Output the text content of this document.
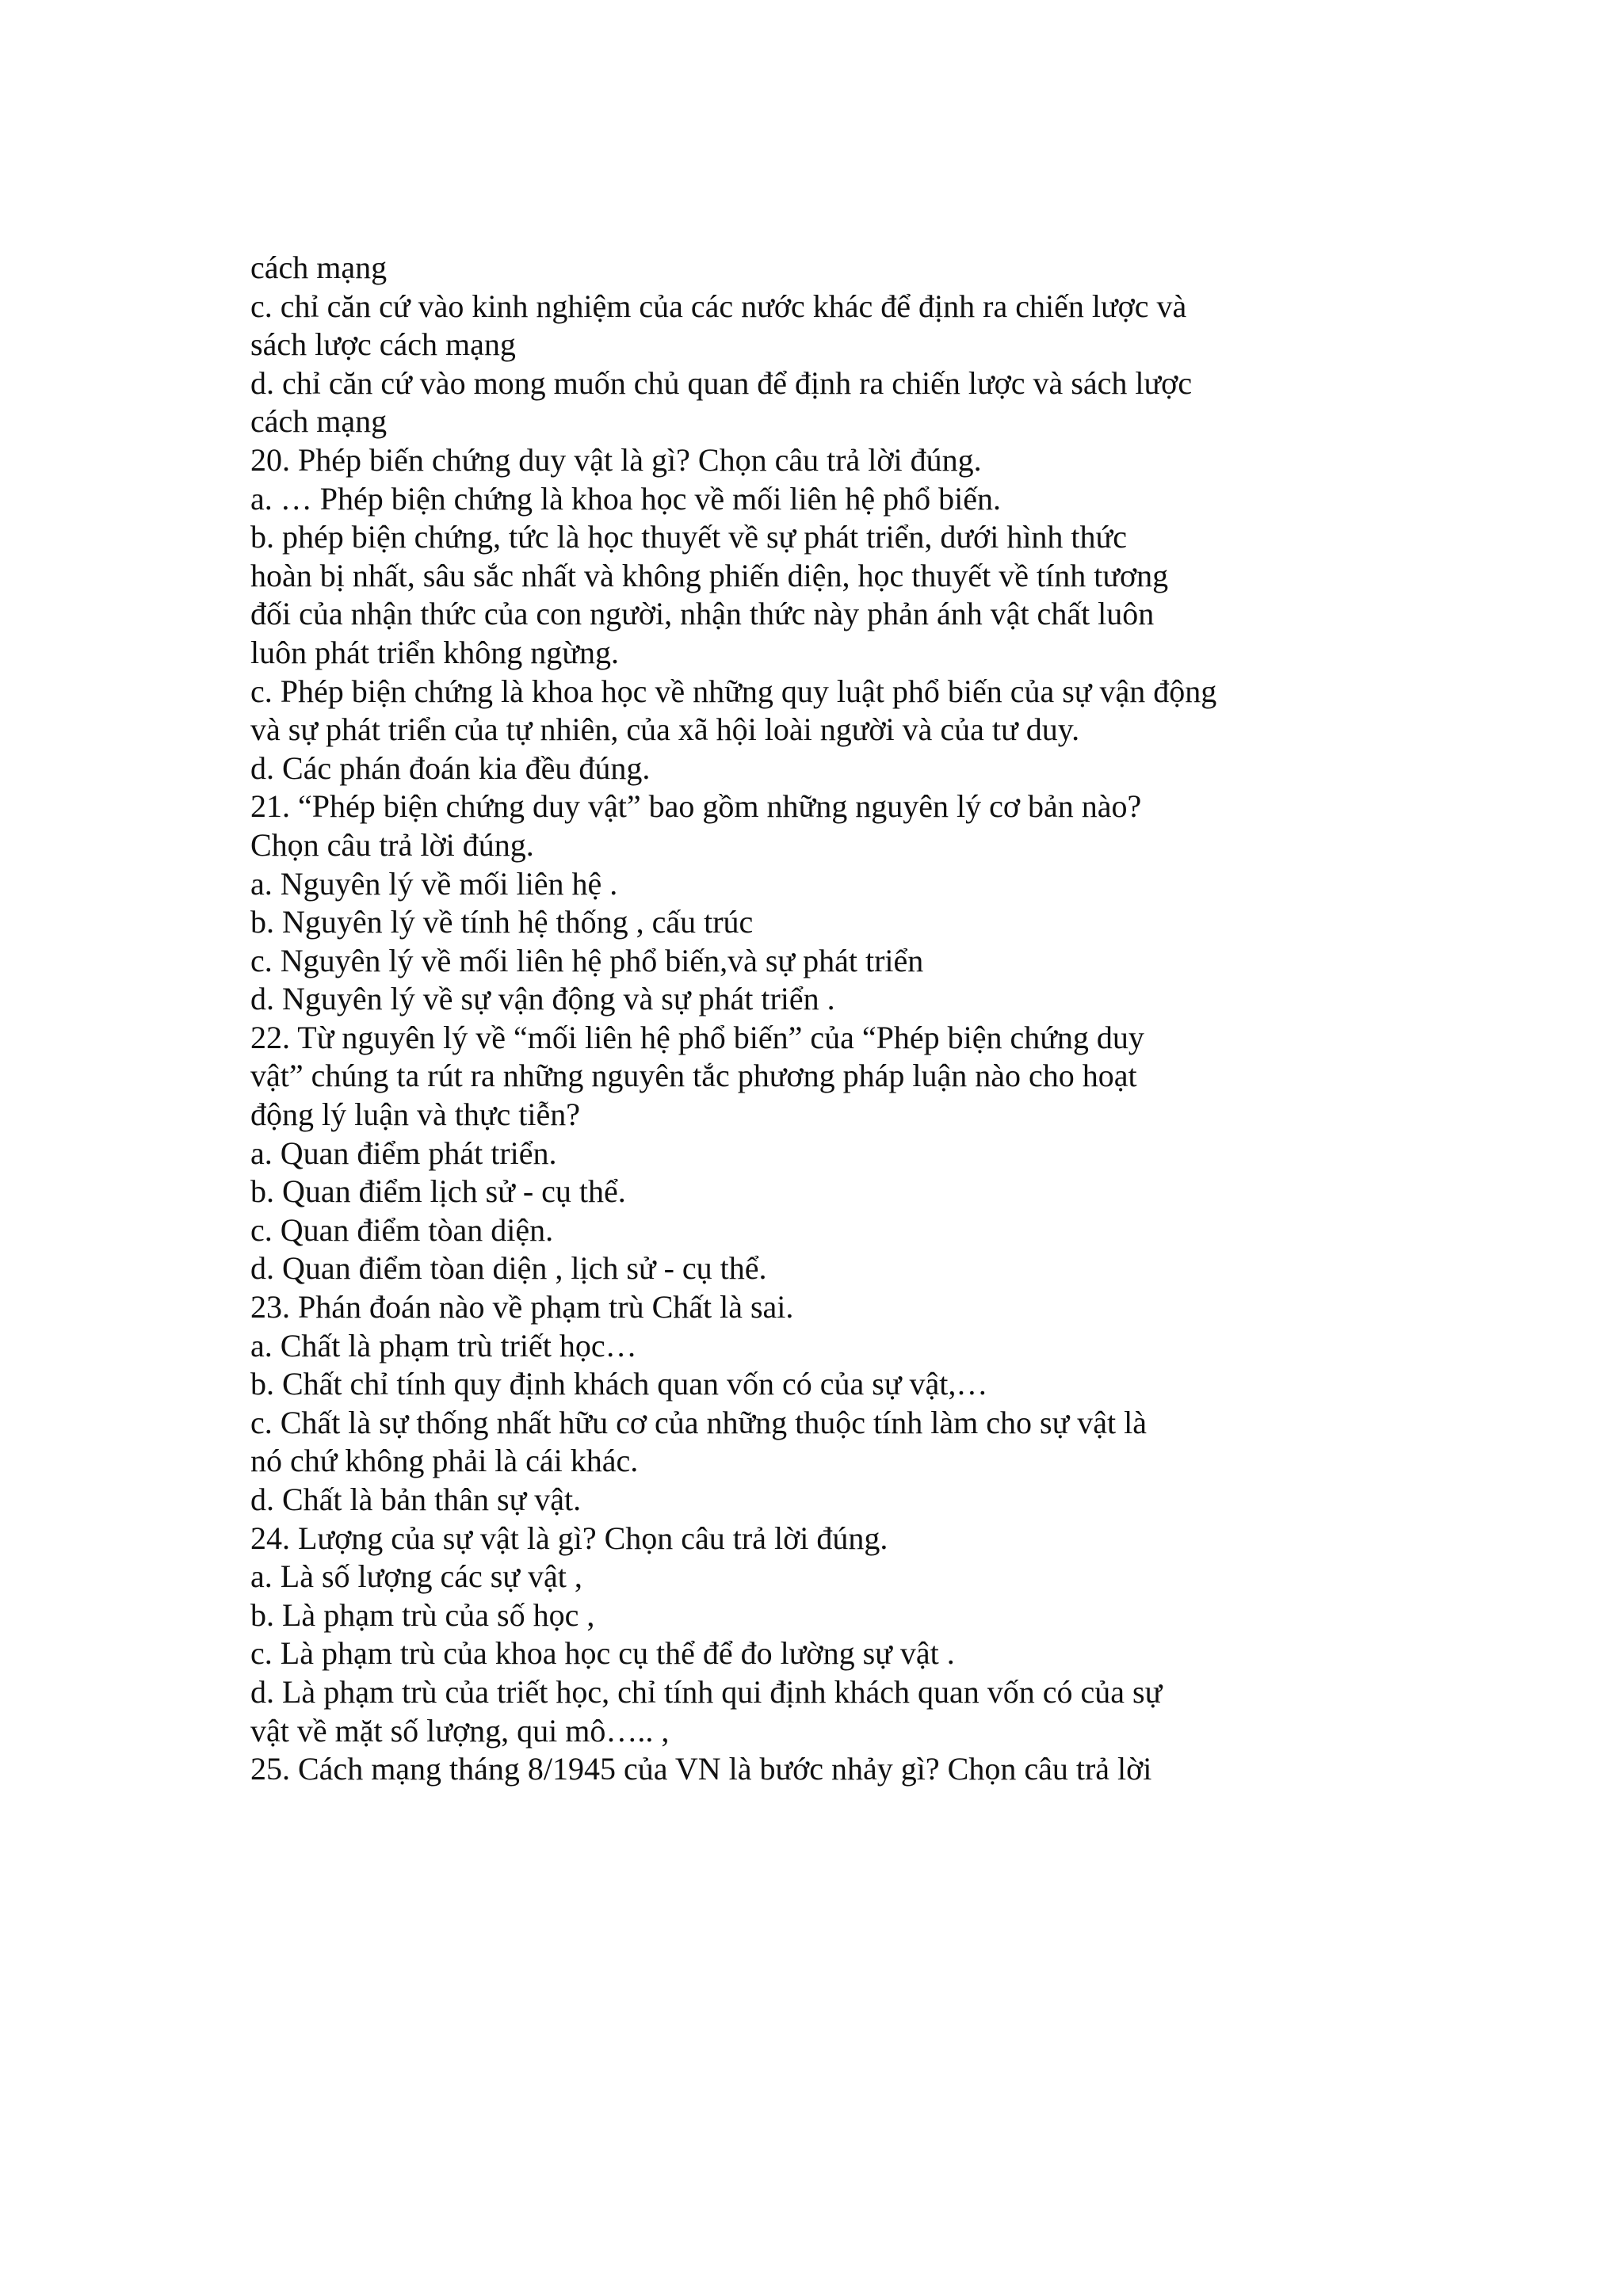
cách mạng
c. chỉ căn cứ vào kinh nghiệm của các nước khác để định ra chiến lược và
sách lược cách mạng
d. chỉ căn cứ vào mong muốn chủ quan để định ra chiến lược và sách lược
cách mạng
20. Phép biến chứng duy vật là gì? Chọn câu trả lời đúng.
a. … Phép biện chứng là khoa học về mối liên hệ phổ biến.
b. phép biện chứng, tức là học thuyết về sự phát triển, dưới hình thức
hoàn bị nhất, sâu sắc nhất và không phiến diện, học thuyết về tính tương
đối của nhận thức của con người, nhận thức này phản ánh vật chất luôn
luôn phát triển không ngừng.
c. Phép biện chứng là khoa học về những quy luật phổ biến của sự vận động
và sự phát triển của tự nhiên, của xã hội loài người và của tư duy.
d. Các phán đoán kia đều đúng.
21. “Phép biện chứng duy vật” bao gồm những nguyên lý cơ bản nào?
Chọn câu trả lời đúng.
a. Nguyên lý về mối liên hệ .
b. Nguyên lý về tính hệ thống , cấu trúc
c. Nguyên lý về mối liên hệ phổ biến,và sự phát triển
d. Nguyên lý về sự vận động và sự phát triển .
22. Từ nguyên lý về “mối liên hệ phổ biến” của “Phép biện chứng duy
vật” chúng ta rút ra những nguyên tắc phương pháp luận nào cho hoạt
động lý luận và thực tiễn?
a. Quan điểm phát triển.
b. Quan điểm lịch sử - cụ thể.
c. Quan điểm tòan diện.
d. Quan điểm tòan diện , lịch sử - cụ thể.
23. Phán đoán nào về phạm trù Chất là sai.
a. Chất là phạm trù triết học…
b. Chất chỉ tính quy định khách quan vốn có của sự vật,…
c. Chất là sự thống nhất hữu cơ của những thuộc tính làm cho sự vật là
nó chứ không phải là cái khác.
d. Chất là bản thân sự vật.
24. Lượng của sự vật là gì? Chọn câu trả lời đúng.
a. Là số lượng các sự vật ,
b. Là phạm trù của số học ,
c. Là phạm trù của khoa học cụ thể để đo lường sự vật .
d. Là phạm trù của triết học, chỉ tính qui định khách quan vốn có của sự
vật về mặt số lượng, qui mô….. ,
25. Cách mạng tháng 8/1945 của VN là bước nhảy gì? Chọn câu trả lời
